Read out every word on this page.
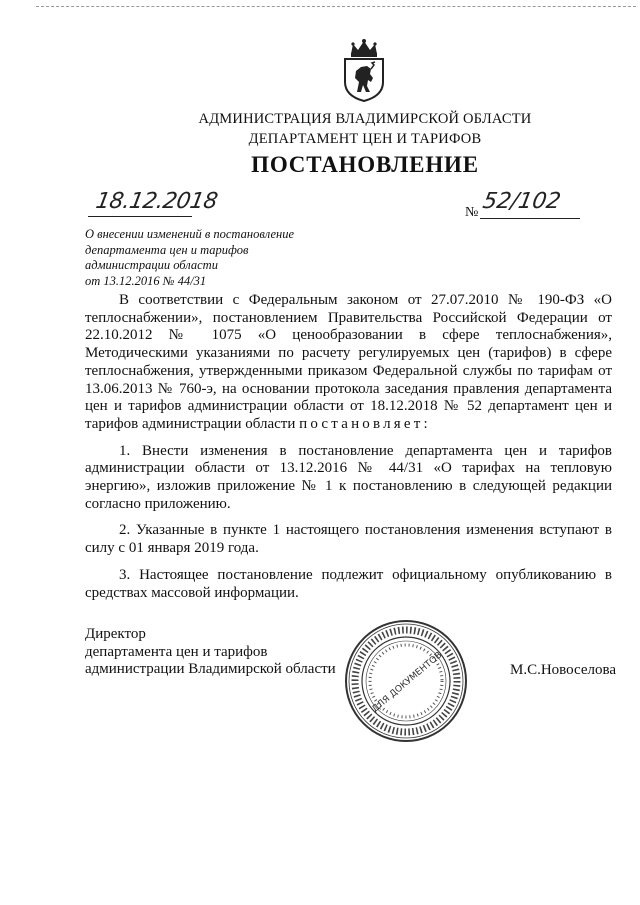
АДМИНИСТРАЦИЯ ВЛАДИМИРСКОЙ ОБЛАСТИ
ДЕПАРТАМЕНТ ЦЕН И ТАРИФОВ
ПОСТАНОВЛЕНИЕ
18.12.2018	№ 52/102
О внесении изменений в постановление
департамента цен и тарифов
администрации области
от 13.12.2016 № 44/31

В соответствии с Федеральным законом от 27.07.2010 № 190-ФЗ «О теплоснабжении», постановлением Правительства Российской Федерации от 22.10.2012 № 1075 «О ценообразовании в сфере теплоснабжения», Методическими указаниями по расчету регулируемых цен (тарифов) в сфере теплоснабжения, утвержденными приказом Федеральной службы по тарифам от 13.06.2013 № 760-э, на основании протокола заседания правления департамента цен и тарифов администрации области от 18.12.2018 № 52 департамент цен и тарифов администрации области постановляет:

1. Внести изменения в постановление департамента цен и тарифов администрации области от 13.12.2016 № 44/31 «О тарифах на тепловую энергию», изложив приложение № 1 к постановлению в следующей редакции согласно приложению.

2. Указанные в пункте 1 настоящего постановления изменения вступают в силу с 01 января 2019 года.

3. Настоящее постановление подлежит официальному опубликованию в средствах массовой информации.

Директор
департамента цен и тарифов
администрации Владимирской области	М.С.Новоселова
ДЛЯ ДОКУМЕНТОВ
